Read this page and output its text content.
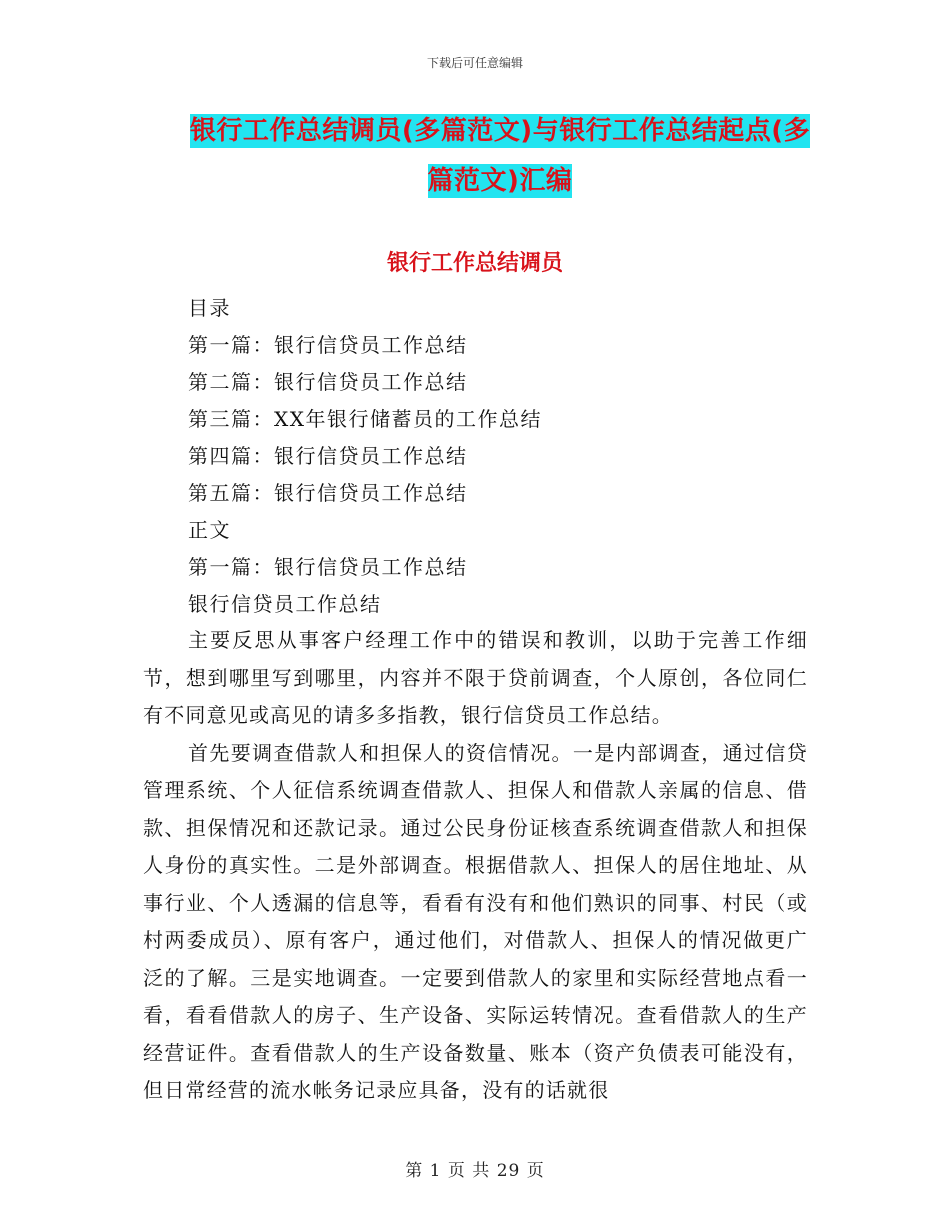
下载后可任意编辑
银行工作总结调员(多篇范文)与银行工作总结起点(多
篇范文)汇编
银行工作总结调员
目录
第一篇：银行信贷员工作总结
第二篇：银行信贷员工作总结
第三篇：XX年银行储蓄员的工作总结
第四篇：银行信贷员工作总结
第五篇：银行信贷员工作总结
正文
第一篇：银行信贷员工作总结
银行信贷员工作总结

主要反思从事客户经理工作中的错误和教训，以助于完善工作细节，想到哪里写到哪里，内容并不限于贷前调查，个人原创，各位同仁有不同意见或高见的请多多指教，银行信贷员工作总结。

首先要调查借款人和担保人的资信情况。一是内部调查，通过信贷管理系统、个人征信系统调查借款人、担保人和借款人亲属的信息、借款、担保情况和还款记录。通过公民身份证核查系统调查借款人和担保人身份的真实性。二是外部调查。根据借款人、担保人的居住地址、从事行业、个人透漏的信息等，看看有没有和他们熟识的同事、村民（或村两委成员）、原有客户，通过他们，对借款人、担保人的情况做更广泛的了解。三是实地调查。一定要到借款人的家里和实际经营地点看一看，看看借款人的房子、生产设备、实际运转情况。查看借款人的生产经营证件。查看借款人的生产设备数量、账本（资产负债表可能没有，但日常经营的流水帐务记录应具备，没有的话就很

第 1 页 共 29 页
